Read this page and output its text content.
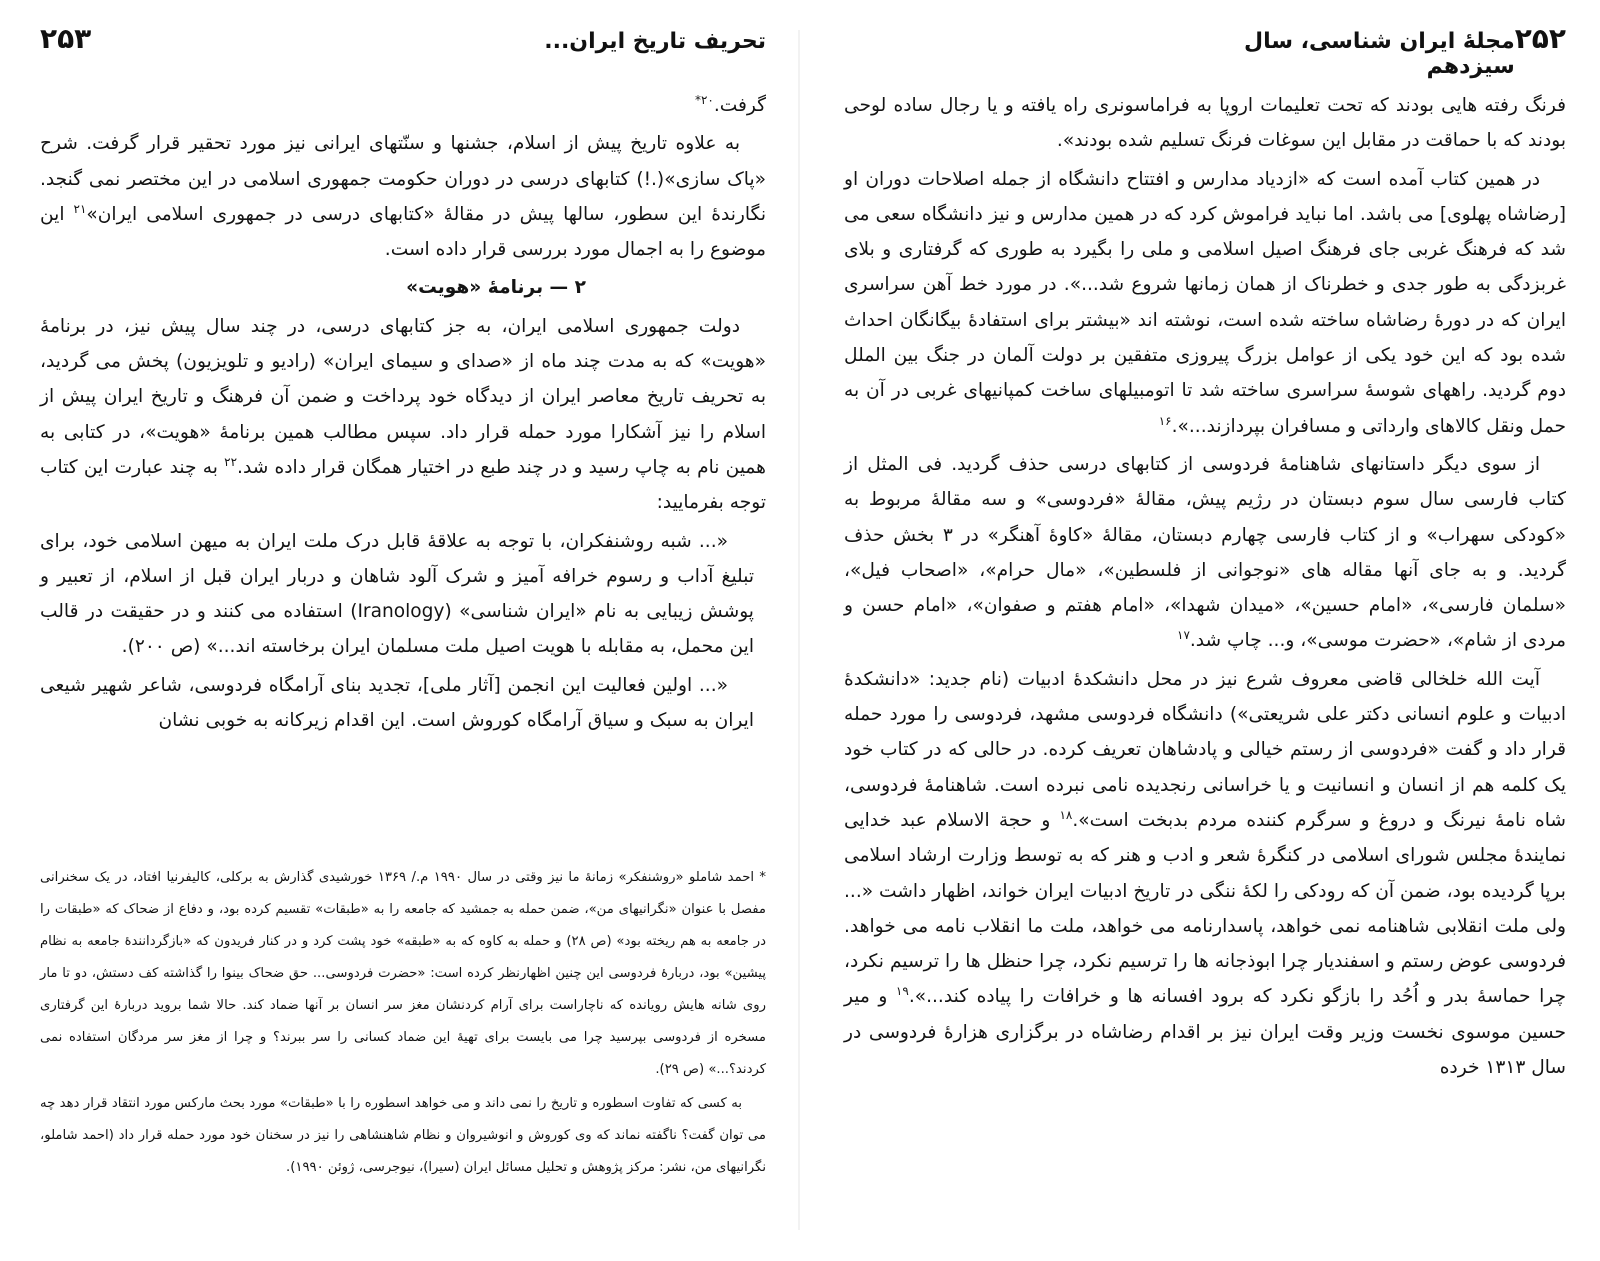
۲۵۳	تحریف تاریخ ایران...

گرفت.$^{۲۰*}$

به علاوه تاریخ پیش از اسلام، جشنها و سنّتهای ایرانی نیز مورد تحقیر قرار گرفت. شرح «پاک سازی»(.!) کتابهای درسی در دوران حکومت جمهوری اسلامی در این مختصر نمی گنجد. نگارندهٔ این سطور، سالها پیش در مقالهٔ «کتابهای درسی در جمهوری اسلامی ایران»$^{۲۱}$ این موضوع را به اجمال مورد بررسی قرار داده است.

۲ — برنامهٔ «هویت»

دولت جمهوری اسلامی ایران، به جز کتابهای درسی، در چند سال پیش نیز، در برنامهٔ «هویت» که به مدت چند ماه از «صدای و سیمای ایران» (رادیو و تلویزیون) پخش می گردید، به تحریف تاریخ معاصر ایران از دیدگاه خود پرداخت و ضمن آن فرهنگ و تاریخ ایران پیش از اسلام را نیز آشکارا مورد حمله قرار داد. سپس مطالب همین برنامهٔ «هویت»، در کتابی به همین نام به چاپ رسید و در چند طبع در اختیار همگان قرار داده شد.$^{۲۲}$ به چند عبارت این کتاب توجه بفرمایید:

«... شبه روشنفکران، با توجه به علاقهٔ قابل درک ملت ایران به میهن اسلامی خود، برای تبلیغ آداب و رسوم خرافه آمیز و شرک آلود شاهان و دربار ایران قبل از اسلام، از تعبیر و پوشش زیبایی به نام «ایران شناسی» (Iranology) استفاده می کنند و در حقیقت در قالب این محمل، به مقابله با هویت اصیل ملت مسلمان ایران برخاسته اند...» (ص ۲۰۰).

«... اولین فعالیت این انجمن [آثار ملی]، تجدید بنای آرامگاه فردوسی، شاعر شهیر شیعی ایران به سبک و سیاق آرامگاه کوروش است. این اقدام زیرکانه به خوبی نشان

* احمد شاملو «روشنفکر» زمانهٔ ما نیز وقتی در سال ۱۹۹۰ م./ ۱۳۶۹ خورشیدی گذارش به برکلی، کالیفرنیا افتاد، در یک سخنرانی مفصل با عنوان «نگرانیهای من»، ضمن حمله به جمشید که جامعه را به «طبقات» تقسیم کرده بود، و دفاع از ضحاک که «طبقات را در جامعه به هم ریخته بود» (ص ۲۸) و حمله به کاوه که به «طبقه» خود پشت کرد و در کنار فریدون که «بازگردانندهٔ جامعه به نظام پیشین» بود، دربارهٔ فردوسی این چنین اظهارنظر کرده است: «حضرت فردوسی... حق ضحاک بینوا را گذاشته کف دستش، دو تا مار روی شانه هایش رویانده که ناچاراست برای آرام کردنشان مغز سر انسان بر آنها ضماد کند. حالا شما بروید دربارهٔ این گرفتاری مسخره از فردوسی بپرسید چرا می بایست برای تهیهٔ این ضماد کسانی را سر ببرند؟ و چرا از مغز سر مردگان استفاده نمی کردند؟...» (ص ۲۹).

به کسی که تفاوت اسطوره و تاریخ را نمی داند و می خواهد اسطوره را با «طبقات» مورد بحث مارکس مورد انتقاد قرار دهد چه می توان گفت؟ ناگفته نماند که وی کوروش و انوشیروان و نظام شاهنشاهی را نیز در سخنان خود مورد حمله قرار داد (احمد شاملو، نگرانیهای من، نشر: مرکز پژوهش و تحلیل مسائل ایران (سیرا)، نیوجرسی، ژوئن ۱۹۹۰).

مجلهٔ ایران شناسی، سال سیزدهم
۲۵۲

فرنگ رفته هایی بودند که تحت تعلیمات اروپا به فراماسونری راه یافته و یا رجال ساده لوحی بودند که با حماقت در مقابل این سوغات فرنگ تسلیم شده بودند».

در همین کتاب آمده است که «ازدیاد مدارس و افتتاح دانشگاه از جمله اصلاحات دوران او [رضاشاه پهلوی] می باشد. اما نباید فراموش کرد که در همین مدارس و نیز دانشگاه سعی می شد که فرهنگ غربی جای فرهنگ اصیل اسلامی و ملی را بگیرد به طوری که گرفتاری و بلای غربزدگی به طور جدی و خطرناک از همان زمانها شروع شد...». در مورد خط آهن سراسری ایران که در دورهٔ رضاشاه ساخته شده است، نوشته اند «بیشتر برای استفادهٔ بیگانگان احداث شده بود که این خود یکی از عوامل بزرگ پیروزی متفقین بر دولت آلمان در جنگ بین الملل دوم گردید. راههای شوسهٔ سراسری ساخته شد تا اتومبیلهای ساخت کمپانیهای غربی در آن به حمل ونقل کالاهای وارداتی و مسافران بپردازند...».$^{۱۶}$

از سوی دیگر داستانهای شاهنامهٔ فردوسی از کتابهای درسی حذف گردید. فی المثل از کتاب فارسی سال سوم دبستان در رژیم پیش، مقالهٔ «فردوسی» و سه مقالهٔ مربوط به «کودکی سهراب» و از کتاب فارسی چهارم دبستان، مقالهٔ «کاوهٔ آهنگر» در ۳ بخش حذف گردید. و به جای آنها مقاله های «نوجوانی از فلسطین»، «مال حرام»، «اصحاب فیل»، «سلمان فارسی»، «امام حسین»، «میدان شهدا»، «امام هفتم و صفوان»، «امام حسن و مردی از شام»، «حضرت موسی»، و... چاپ شد.$^{۱۷}$

آیت الله خلخالی قاضی معروف شرع نیز در محل دانشکدهٔ ادبیات (نام جدید: «دانشکدهٔ ادبیات و علوم انسانی دکتر علی شریعتی») دانشگاه فردوسی مشهد، فردوسی را مورد حمله قرار داد و گفت «فردوسی از رستم خیالی و پادشاهان تعریف کرده. در حالی که در کتاب خود یک کلمه هم از انسان و انسانیت و یا خراسانی رنجدیده نامی نبرده است. شاهنامهٔ فردوسی، شاه نامهٔ نیرنگ و دروغ و سرگرم کننده مردم بدبخت است».$^{۱۸}$ و حجة الاسلام عبد خدایی نمایندهٔ مجلس شورای اسلامی در کنگرهٔ شعر و ادب و هنر که به توسط وزارت ارشاد اسلامی برپا گردیده بود، ضمن آن که رودکی را لکهٔ ننگی در تاریخ ادبیات ایران خواند، اظهار داشت «... ولی ملت انقلابی شاهنامه نمی خواهد، پاسدارنامه می خواهد، ملت ما انقلاب نامه می خواهد. فردوسی عوض رستم و اسفندیار چرا ابوذجانه ها را ترسیم نکرد، چرا حنظل ها را ترسیم نکرد، چرا حماسهٔ بدر و اُحُد را بازگو نکرد که برود افسانه ها و خرافات را پیاده کند...».$^{۱۹}$ و میر حسین موسوی نخست وزیر وقت ایران نیز بر اقدام رضاشاه در برگزاری هزارهٔ فردوسی در سال ۱۳۱۳ خرده
